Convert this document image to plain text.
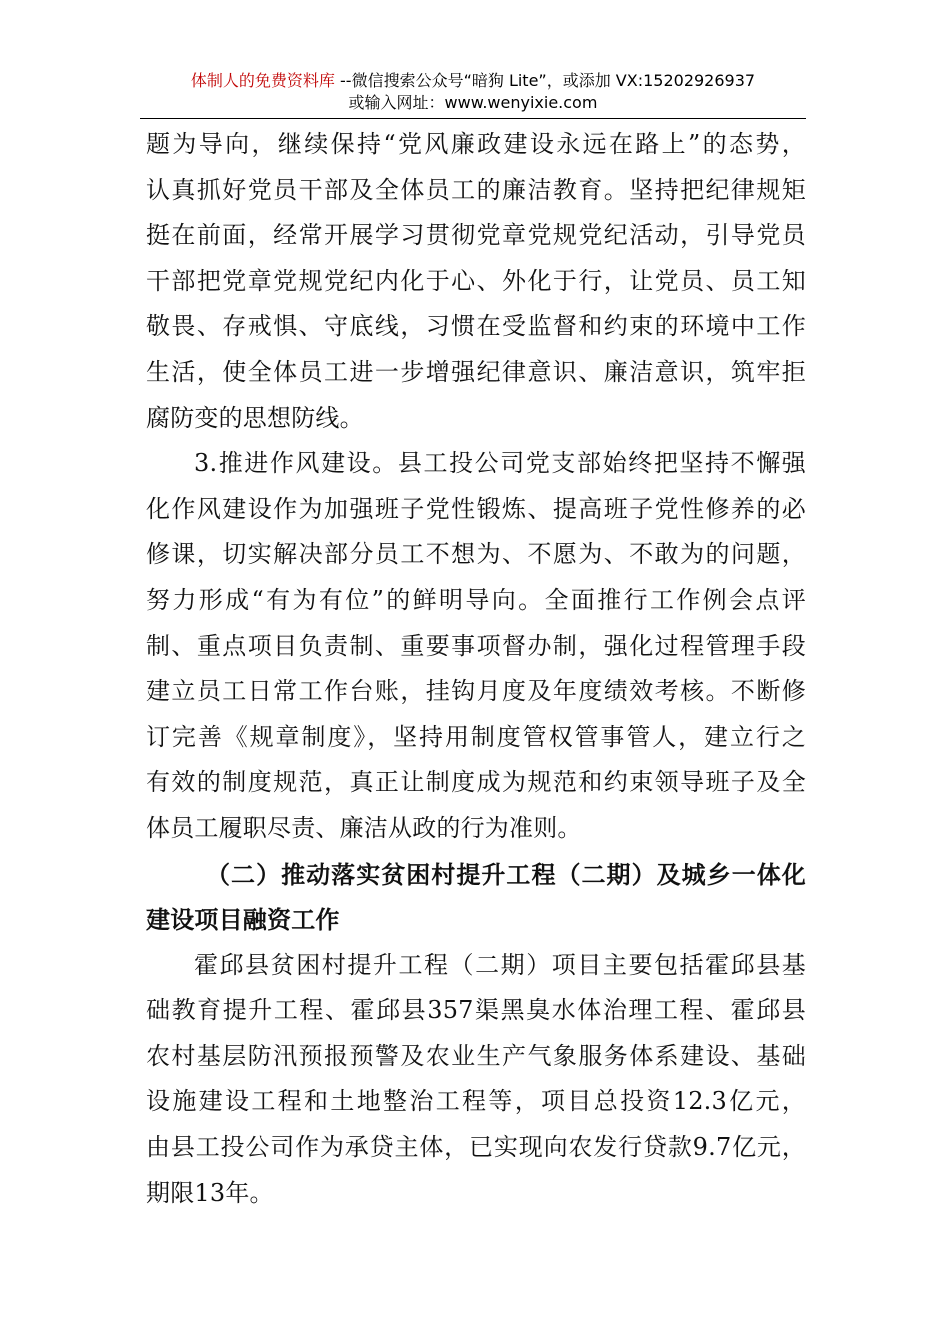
体制人的免费资料库 --微信搜索公众号“暗狗 Lite”，或添加 VX:15202926937
或输入网址：www.wenyixie.com
题为导向，继续保持“党风廉政建设永远在路上”的态势，
认真抓好党员干部及全体员工的廉洁教育。坚持把纪律规矩
挺在前面，经常开展学习贯彻党章党规党纪活动，引导党员
干部把党章党规党纪内化于心、外化于行，让党员、员工知
敬畏、存戒惧、守底线，习惯在受监督和约束的环境中工作
生活，使全体员工进一步增强纪律意识、廉洁意识，筑牢拒
腐防变的思想防线。
3.推进作风建设。县工投公司党支部始终把坚持不懈强
化作风建设作为加强班子党性锻炼、提高班子党性修养的必
修课，切实解决部分员工不想为、不愿为、不敢为的问题，
努力形成“有为有位”的鲜明导向。全面推行工作例会点评
制、重点项目负责制、重要事项督办制，强化过程管理手段
建立员工日常工作台账，挂钩月度及年度绩效考核。不断修
订完善《规章制度》，坚持用制度管权管事管人，建立行之
有效的制度规范，真正让制度成为规范和约束领导班子及全
体员工履职尽责、廉洁从政的行为准则。
（二）推动落实贫困村提升工程（二期）及城乡一体化
建设项目融资工作
霍邱县贫困村提升工程（二期）项目主要包括霍邱县基
础教育提升工程、霍邱县357渠黑臭水体治理工程、霍邱县
农村基层防汛预报预警及农业生产气象服务体系建设、基础
设施建设工程和土地整治工程等，项目总投资12.3亿元，
由县工投公司作为承贷主体，已实现向农发行贷款9.7亿元，
期限13年。
